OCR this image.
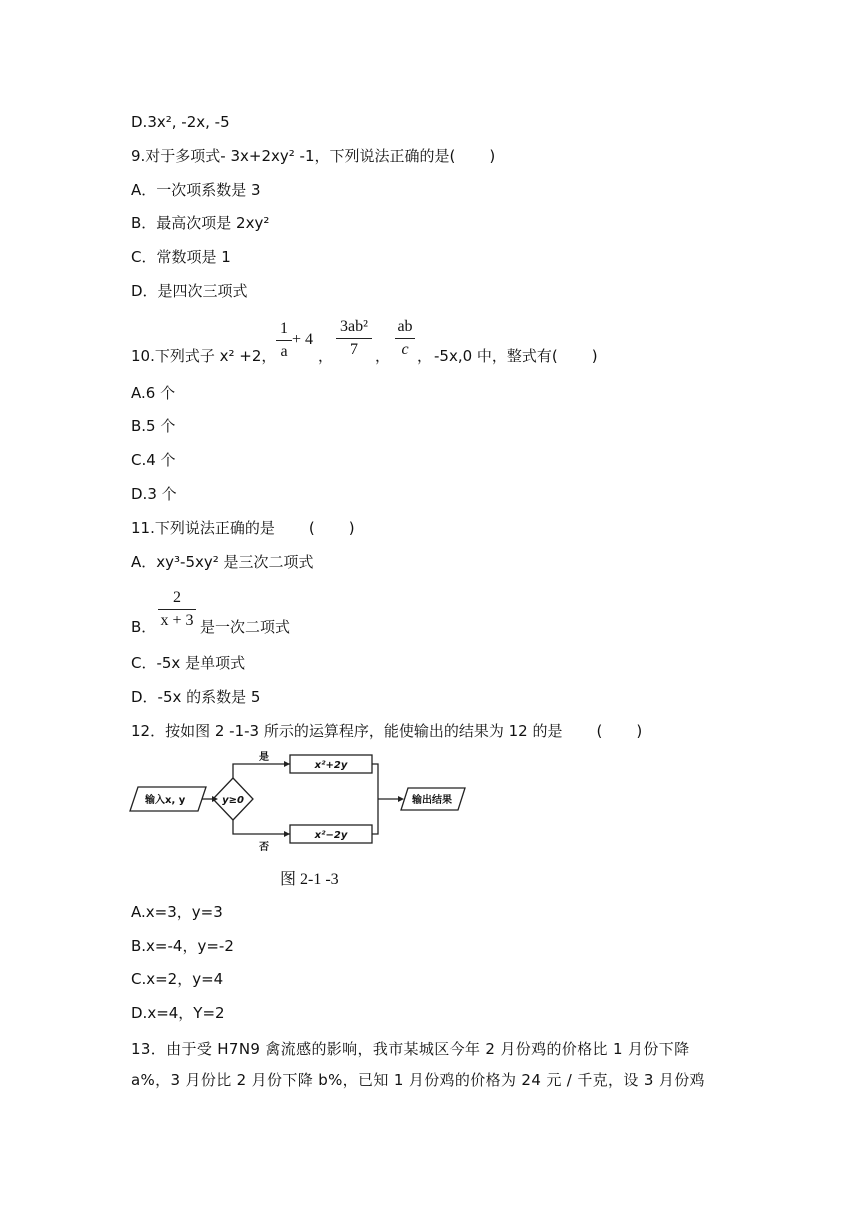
D.3x², -2x, -5
9.对于多项式- 3x+2xy² -1，下列说法正确的是( )
A．一次项系数是 3
B．最高次项是 2xy²
C．常数项是 1
D．是四次三项式
10.下列式子 x² +2，
1
a
+ 4
，
3ab²
7	，
ab
c ， -5x,0 中，整式有( )
A.6 个
B.5 个
C.4 个
D.3 个
11.下列说法正确的是 ( )
A．xy³-5xy² 是三次二项式
B．
2
x + 3 是一次二项式
C．-5x 是单项式
D．-5x 的系数是 5
12．按如图 2 -1-3 所示的运算程序，能使输出的结果为 12 的是 ( )
输入x, y	y≥0
是
否
x²+2y
x²−2y
输出结果
图 2-1 -3
A.x=3，y=3
B.x=-4，y=-2
C.x=2，y=4
D.x=4，Y=2
13．由于受 H7N9 禽流感的影响，我市某城区今年 2 月份鸡的价格比 1 月份下降
a%，3 月份比 2 月份下降 b%，已知 1 月份鸡的价格为 24 元 / 千克，设 3 月份鸡
